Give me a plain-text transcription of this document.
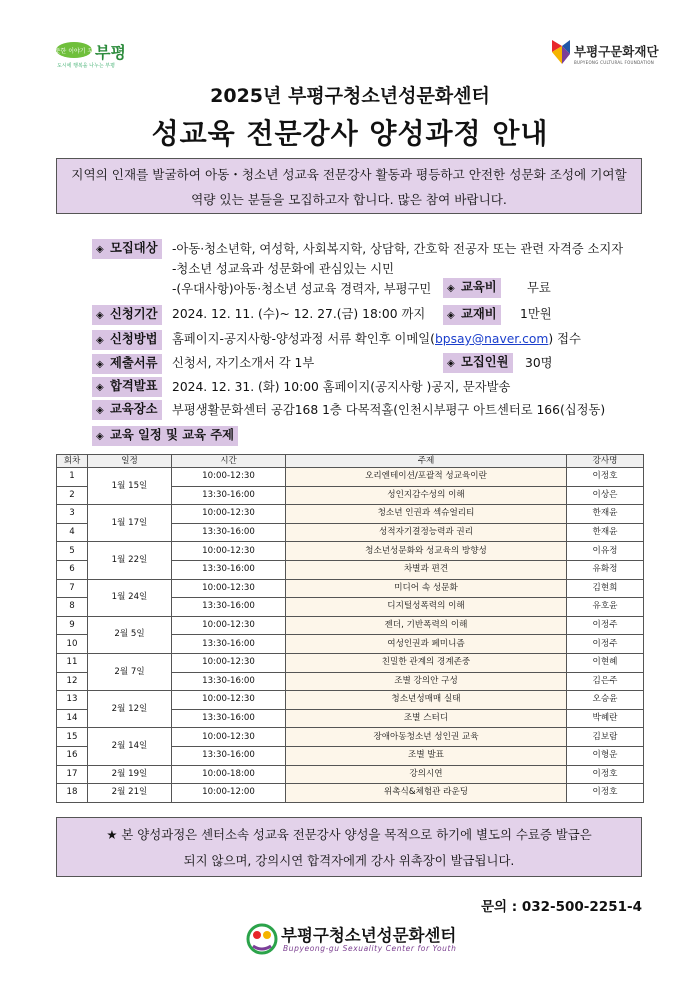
따뜻한 이야기 부평
부평
도시에 행복을 나누는 부평
부평구문화재단
BUPYEONG CULTURAL FOUNDATION
2025년 부평구청소년성문화센터
성교육 전문강사 양성과정 안내
지역의 인재를 발굴하여 아동・청소년 성교육 전문강사 활동과 평등하고 안전한 성문화 조성에 기여할
역량 있는 분들을 모집하고자 합니다. 많은 참여 바랍니다.
◈ 모집대상	-아동·청소년학, 여성학, 사회복지학, 상담학, 간호학 전공자 또는 관련 자격증 소지자
-청소년 성교육과 성문화에 관심있는 시민
-(우대사항)아동·청소년 성교육 경력자, 부평구민	◈ 교육비	무료
◈ 신청기간	2024. 12. 11. (수)~ 12. 27.(금) 18:00 까지	◈ 교재비	1만원
◈ 신청방법	홈페이지-공지사항-양성과정 서류 확인후 이메일(bpsay@naver.com) 접수
◈ 제출서류	신청서, 자기소개서 각 1부	◈ 모집인원	30명
◈ 합격발표	2024. 12. 31. (화) 10:00 홈페이지(공지사항 )공지, 문자발송
◈ 교육장소	부평생활문화센터 공감168 1층 다목적홀(인천시부평구 아트센터로 166(십정동)
◈ 교육 일정 및 교육 주제
회차	일정	시간	주제	강사명
1	1월 15일	10:00-12:30	오리엔테이션/포괄적 성교육이란	이정호
2		13:30-16:00	성인지감수성의 이해	이상은
3	1월 17일	10:00-12:30	청소년 인권과 섹슈얼리티	한재윤
4		13:30-16:00	성적자기결정능력과 권리	한재윤
5	1월 22일	10:00-12:30	청소년성문화와 성교육의 방향성	이유정
6		13:30-16:00	차별과 편견	유화정
7	1월 24일	10:00-12:30	미디어 속 성문화	김현희
8		13:30-16:00	디지털성폭력의 이해	유호윤
9	2월 5일	10:00-12:30	젠더, 기반폭력의 이해	이정주
10		13:30-16:00	여성인권과 페미니즘	이정주
11	2월 7일	10:00-12:30	친밀한 관계의 경계존중	이현혜
12		13:30-16:00	조별 강의안 구성	김은주
13	2월 12일	10:00-12:30	청소년성매매 실태	오승윤
14		13:30-16:00	조별 스터디	박혜란
15	2월 14일	10:00-12:30	장애아동청소년 성인권 교육	김보람
16		13:30-16:00	조별 발표	이형운
17	2월 19일	10:00-18:00	강의시연	이정호
18	2월 21일	10:00-12:00	위촉식&체험관 라운딩	이정호
★ 본 양성과정은 센터소속 성교육 전문강사 양성을 목적으로 하기에 별도의 수료증 발급은
되지 않으며, 강의시연 합격자에게 강사 위촉장이 발급됩니다.
문의 : 032-500-2251-4
부평구청소년성문화센터
Bupyeong-gu Sexuality Center for Youth
